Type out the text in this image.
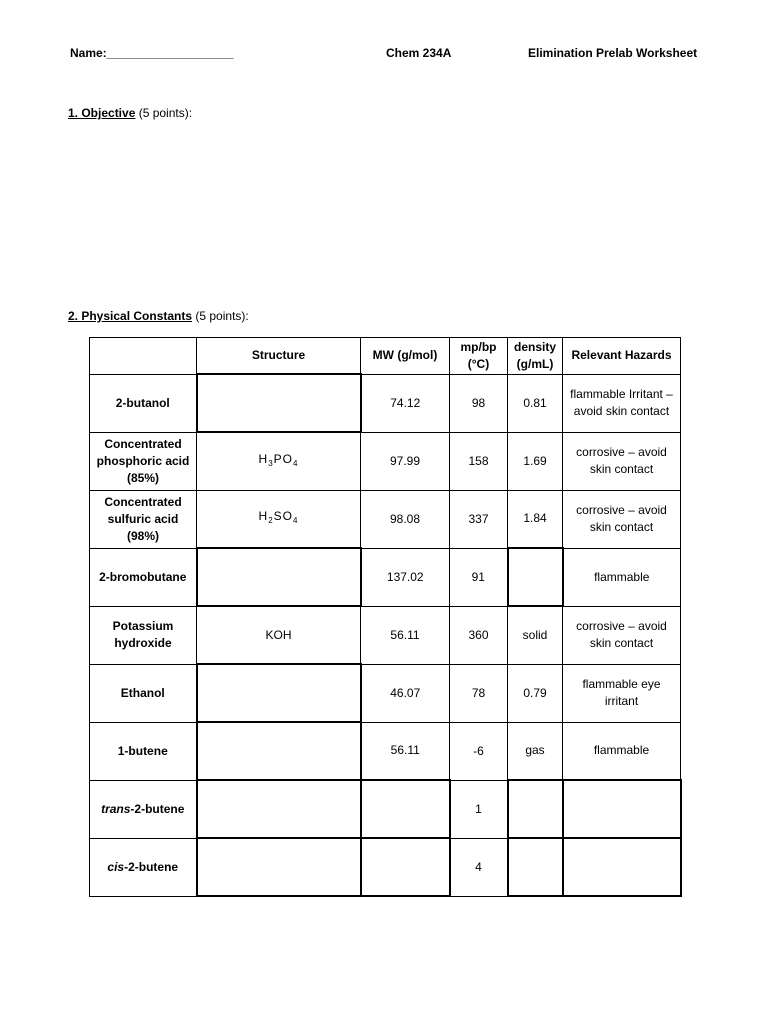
Name:___________________	Chem 234A	Elimination Prelab Worksheet
1. Objective (5 points):
2. Physical Constants (5 points):
	Structure	MW (g/mol)	mp/bp (°C)	density (g/mL)	Relevant Hazards
2-butanol		74.12	98	0.81	flammable Irritant – avoid skin contact
Concentrated phosphoric acid (85%)	$H_3PO_4$	97.99	158	1.69	corrosive – avoid skin contact
Concentrated sulfuric acid (98%)	$H_2SO_4$	98.08	337	1.84	corrosive – avoid skin contact
2-bromobutane		137.02	91		flammable
Potassium hydroxide	KOH	56.11	360	solid	corrosive – avoid skin contact
Ethanol		46.07	78	0.79	flammable eye irritant
1-butene		56.11	-6	gas	flammable
trans-2-butene			1		
cis-2-butene			4		
